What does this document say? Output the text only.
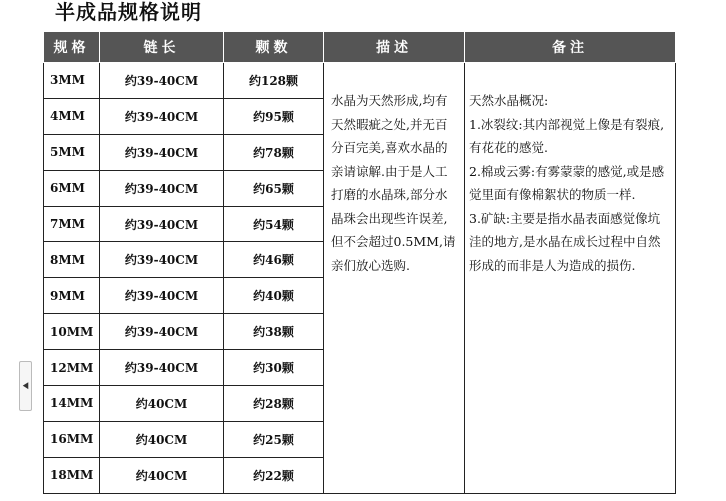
半成品规格说明
◀
规格	链长	颗数	描述	备注
3MM	约39-40CM	约128颗	水晶为天然形成,均有天然暇疵之处,并无百分百完美,喜欢水晶的亲请谅解.由于是人工打磨的水晶珠,部分水晶珠会出现些许误差,但不会超过0.5MM,请亲们放心选购.	天然水晶概况:
1.冰裂纹:其内部视觉上像是有裂痕,有花花的感觉.
2.棉或云雾:有雾蒙蒙的感觉,或是感觉里面有像棉絮状的物质一样.
3.矿缺:主要是指水晶表面感觉像坑洼的地方,是水晶在成长过程中自然形成的而非是人为造成的损伤.

4MM	约39-40CM	约95颗		
5MM	约39-40CM	约78颗		
6MM	约39-40CM	约65颗		
7MM	约39-40CM	约54颗		
8MM	约39-40CM	约46颗		
9MM	约39-40CM	约40颗		
10MM	约39-40CM	约38颗		
12MM	约39-40CM	约30颗		
14MM	约40CM	约28颗		
16MM	约40CM	约25颗		
18MM	约40CM	约22颗		
